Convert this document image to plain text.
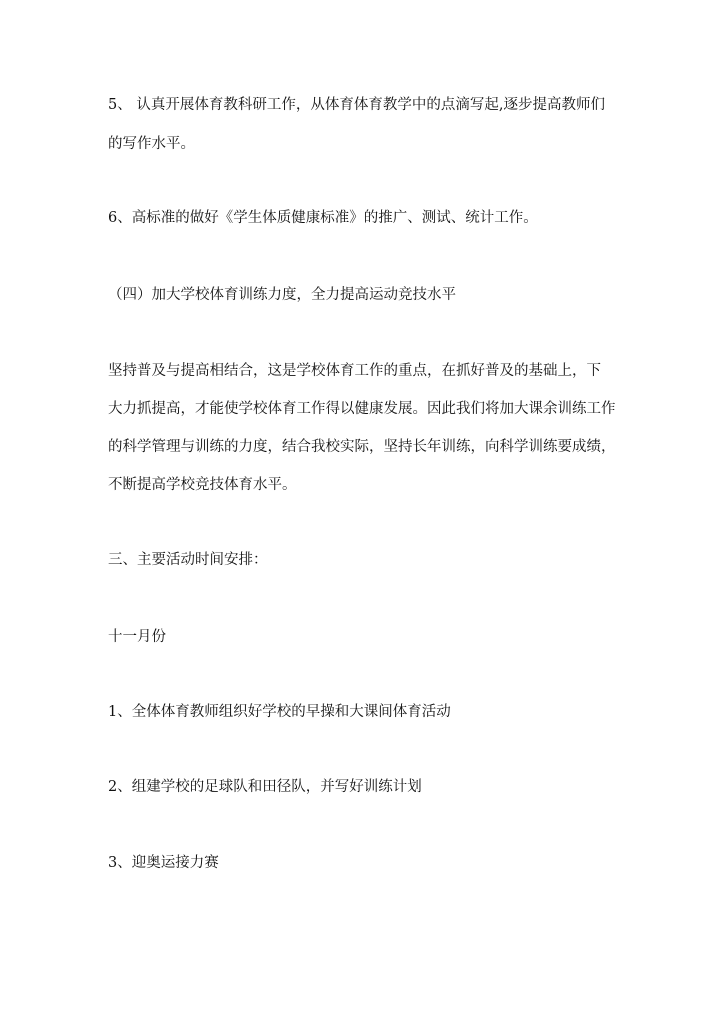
5、 认真开展体育教科研工作，从体育体育教学中的点滴写起,逐步提高教师们
的写作水平。
6、高标准的做好《学生体质健康标准》的推广、测试、统计工作。
（四）加大学校体育训练力度，全力提高运动竞技水平
坚持普及与提高相结合，这是学校体育工作的重点，在抓好普及的基础上，下
大力抓提高，才能使学校体育工作得以健康发展。因此我们将加大课余训练工作
的科学管理与训练的力度，结合我校实际，坚持长年训练，向科学训练要成绩，
不断提高学校竞技体育水平。
三、主要活动时间安排：
十一月份
1、全体体育教师组织好学校的早操和大课间体育活动
2、组建学校的足球队和田径队，并写好训练计划
3、迎奥运接力赛
